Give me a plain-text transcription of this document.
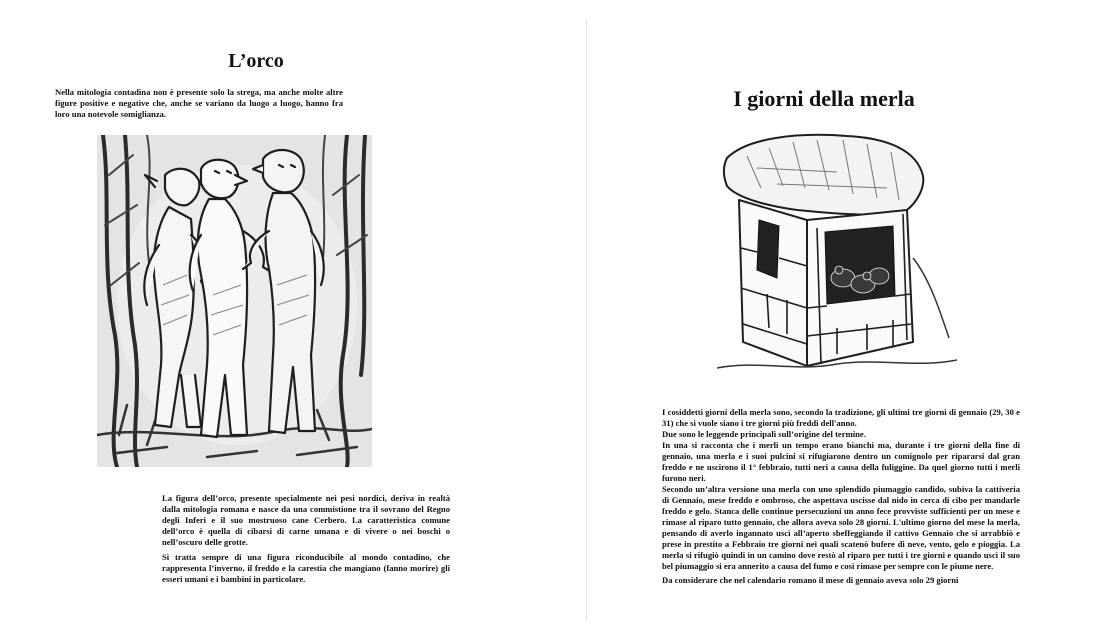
L’orco

Nella mitologia contadina non è presente solo la strega, ma anche molte altre figure positive e negative che, anche se variano da luogo a luogo, hanno fra loro una notevole somiglianza.

La figura dell’orco, presente specialmente nei pesi nordici, deriva in realtà dalla mitologia romana e nasce da una commistione tra il sovrano del Regno degli Inferi e il suo mostruoso cane Cerbero. La caratteristica comune dell’orco è quella di cibarsi di carne umana e di vivere o nei boschi o nell’oscuro delle grotte.

Si tratta sempre di una figura riconducibile al mondo contadino, che rappresenta l’inverno, il freddo e la carestia che mangiano (fanno morire) gli esseri umani e i bambini in particolare.

I giorni della merla

I cosiddetti giorni della merla sono, secondo la tradizione, gli ultimi tre giorni di gennaio (29, 30 e 31) che si vuole siano i tre giorni più freddi dell'anno.

Due sono le leggende principali sull’origine del termine.

In una si racconta che i merli un tempo erano bianchi ma, durante i tre giorni della fine di gennaio, una merla e i suoi pulcini si rifugiarono dentro un comignolo per ripararsi dal gran freddo e ne uscirono il 1° febbraio, tutti neri a causa della fuliggine. Da quel giorno tutti i merli furono neri.

Secondo un’altra versione una merla con uno splendido piumaggio candido, subiva la cattiveria di Gennaio, mese freddo e ombroso, che aspettava uscisse dal nido in cerca di cibo per mandarle freddo e gelo. Stanca delle continue persecuzioni un anno fece provviste sufficienti per un mese e rimase al riparo tutto gennaio, che allora aveva solo 28 giorni. L'ultimo giorno del mese la merla, pensando di averlo ingannato uscì all’aperto sbeffeggiando il cattivo Gennaio che si arrabbiò e prese in prestito a Febbraio tre giorni nei quali scatenò bufere di neve, vento, gelo e pioggia. La merla si rifugiò quindi in un camino dove restò al riparo per tutti i tre giorni e quando uscì il suo bel piumaggio si era annerito a causa del fumo e così rimase per sempre con le piume nere.

Da considerare che nel calendario romano il mese di gennaio aveva solo 29 giorni
